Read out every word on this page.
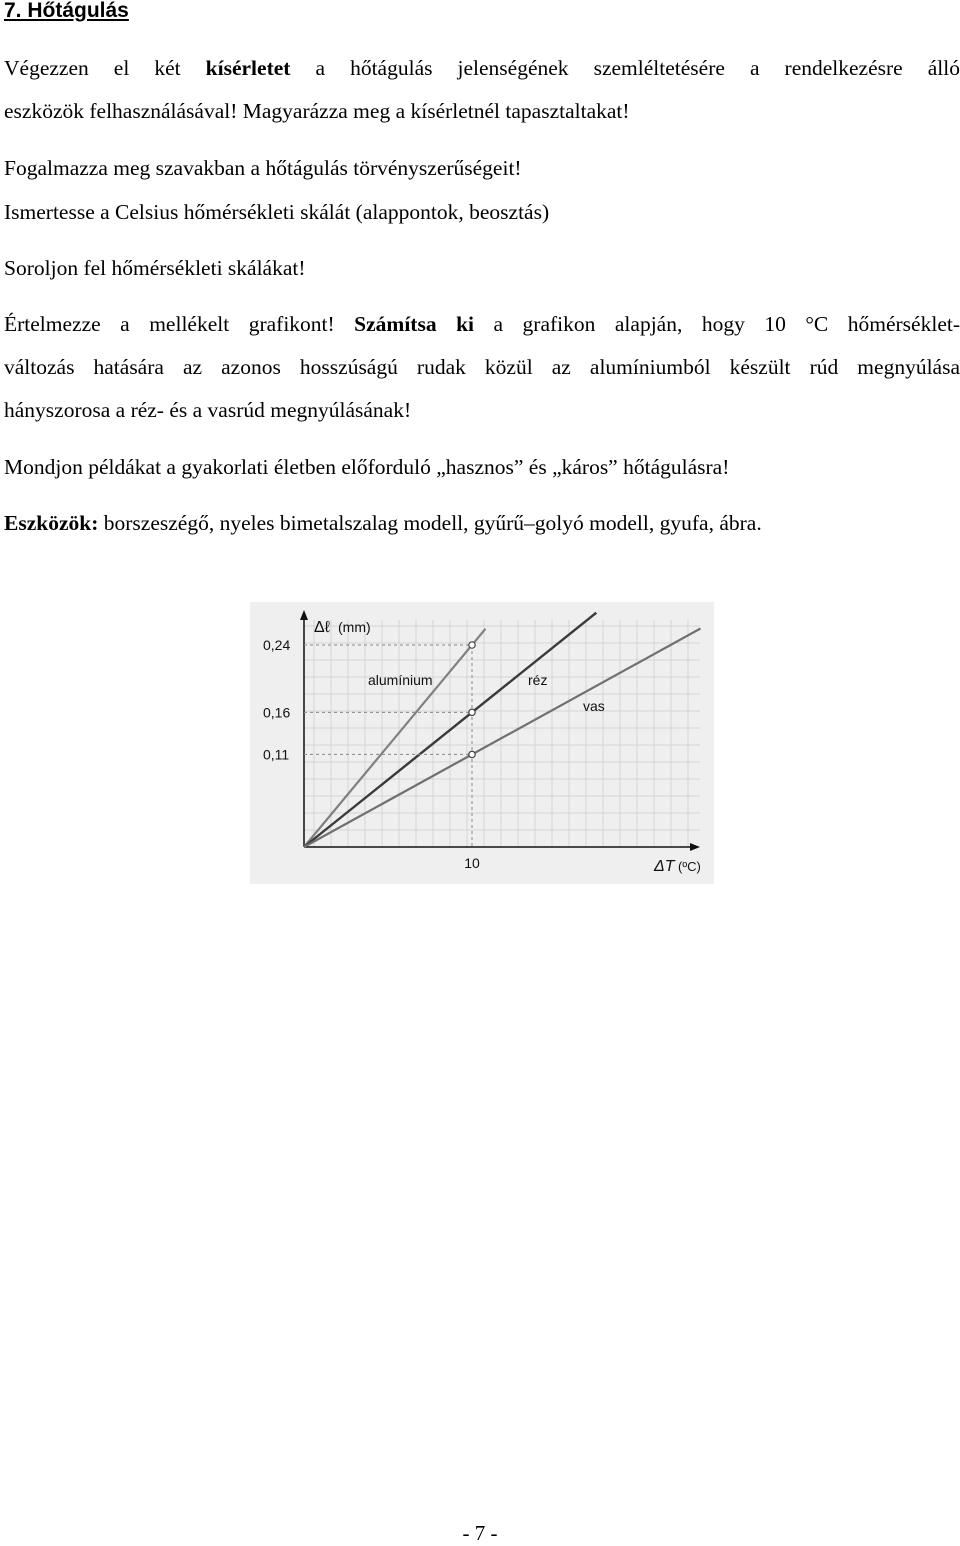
7. Hőtágulás
Végezzen el két kísérletet a hőtágulás jelenségének szemléltetésére a rendelkezésre álló
eszközök felhasználásával! Magyarázza meg a kísérletnél tapasztaltakat!
Fogalmazza meg szavakban a hőtágulás törvényszerűségeit!
Ismertesse a Celsius hőmérsékleti skálát (alappontok, beosztás)
Soroljon fel hőmérsékleti skálákat!
Értelmezze a mellékelt grafikont! Számítsa ki a grafikon alapján, hogy 10 °C hőmérséklet-
változás hatására az azonos hosszúságú rudak közül az alumíniumból készült rúd megnyúlása
hányszorosa a réz- és a vasrúd megnyúlásának!
Mondjon példákat a gyakorlati életben előforduló „hasznos” és „káros” hőtágulásra!
Eszközök: borszeszégő, nyeles bimetalszalag modell, gyűrű–golyó modell, gyufa, ábra.
0,24
0,16
0,11
10
Δℓ (mm)
ΔT (ºC)
alumínium	réz
vas
- 7 -
